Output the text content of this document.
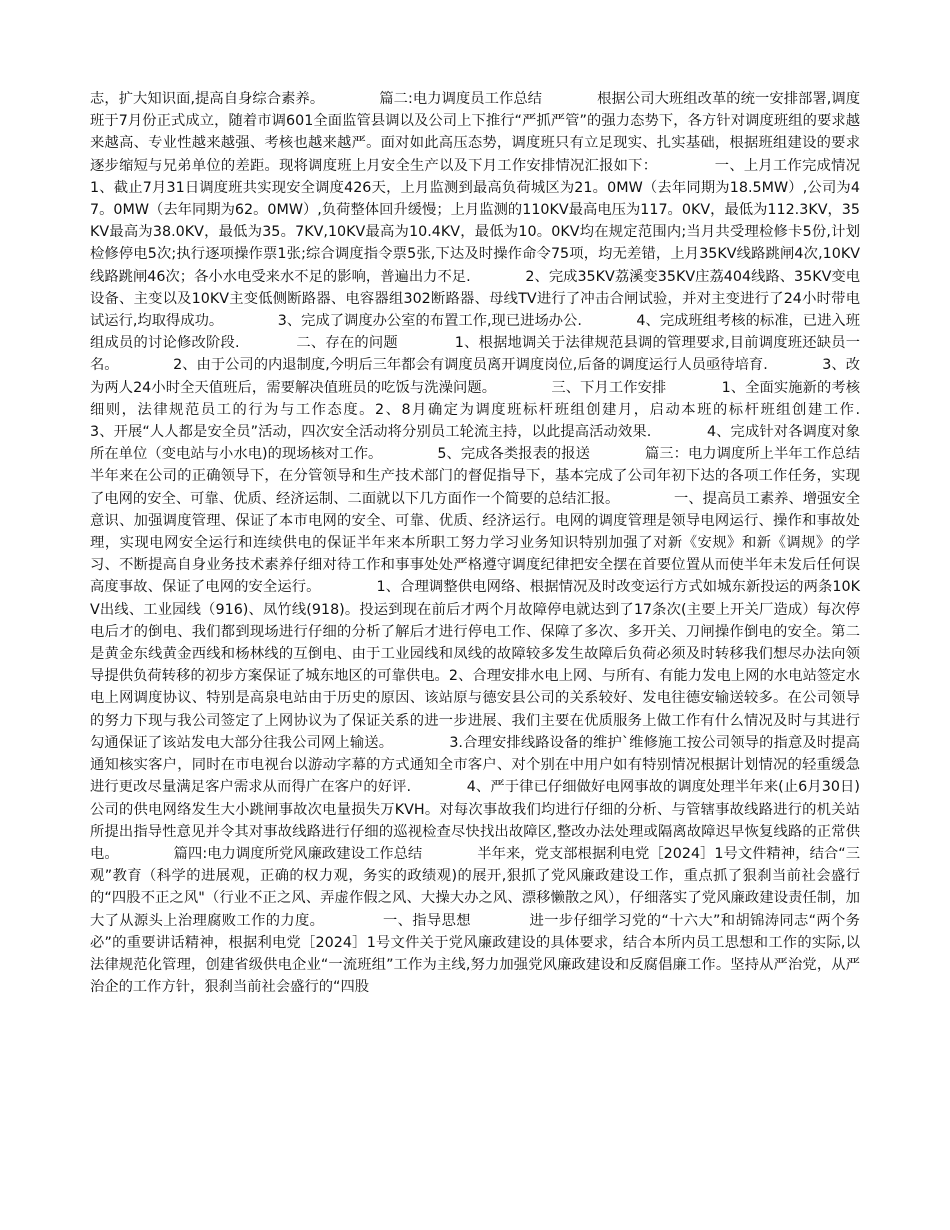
志，扩大知识面,提高自身综合素养。            篇二:电力调度员工作总结            根据公司大班组改革的统一安排部署,调度班于7月份正式成立，随着市调601全面监管县调以及公司上下推行“严抓严管”的强力态势下，各方针对调度班组的要求越来越高、专业性越来越强、考核也越来越严。面对如此高压态势，调度班只有立足现实、扎实基础，根据班组建设的要求逐步缩短与兄弟单位的差距。现将调度班上月安全生产以及下月工作安排情况汇报如下：            一、上月工作完成情况            1、截止7月31日调度班共实现安全调度426天，上月监测到最高负荷城区为21。0MW（去年同期为18.5MW）,公司为47。0MW（去年同期为62。0MW）,负荷整体回升缓慢；上月监测的110KV最高电压为117。0KV，最低为112.3KV，35KV最高为38.0KV，最低为35。7KV,10KV最高为10.4KV，最低为10。0KV均在规定范围内;当月共受理检修卡5份,计划检修停电5次;执行逐项操作票1张;综合调度指令票5张,下达及时操作命令75项，均无差错，上月35KV线路跳闸4次,10KV线路跳闸46次；各小水电受来水不足的影响，普遍出力不足.            2、完成35KV荔溪变35KV庄荔404线路、35KV变电设备、主变以及10KV主变低侧断路器、电容器组302断路器、母线TV进行了冲击合闸试验，并对主变进行了24小时带电试运行,均取得成功。            3、完成了调度办公室的布置工作,现已进场办公.            4、完成班组考核的标准，已进入班组成员的讨论修改阶段.            二、存在的问题            1、根据地调关于法律规范县调的管理要求,目前调度班还缺员一名。            2、由于公司的内退制度,今明后三年都会有调度员离开调度岗位,后备的调度运行人员亟待培育.            3、改为两人24小时全天值班后，需要解决值班员的吃饭与洗澡问题。            三、下月工作安排            1、全面实施新的考核细则，法律规范员工的行为与工作态度。2、8月确定为调度班标杆班组创建月，启动本班的标杆班组创建工作.            3、开展“人人都是安全员”活动，四次安全活动将分别员工轮流主持，以此提高活动效果.            4、完成针对各调度对象所在单位（变电站与小水电)的现场核对工作。            5、完成各类报表的报送            篇三：电力调度所上半年工作总结            半年来在公司的正确领导下，在分管领导和生产技术部门的督促指导下，基本完成了公司年初下达的各项工作任务，实现了电网的安全、可靠、优质、经济运制、二面就以下几方面作一个简要的总结汇报。            一、提高员工素养、增强安全意识、加强调度管理、保证了本市电网的安全、可靠、优质、经济运行。电网的调度管理是领导电网运行、操作和事故处理，实现电网安全运行和连续供电的保证半年来本所职工努力学习业务知识特别加强了对新《安规》和新《调规》的学习、不断提高自身业务技术素养仔细对待工作和事事处处严格遵守调度纪律把安全摆在首要位置从而使半年未发后任何误高度事故、保证了电网的安全运行。            1、合理调整供电网络、根据情况及时改变运行方式如城东新投运的两条10KV出线、工业园线（916)、凤竹线(918)。投运到现在前后才两个月故障停电就达到了17条次(主要上开关厂造成）每次停电后才的倒电、我们都到现场进行仔细的分析了解后才进行停电工作、保障了多次、多开关、刀闸操作倒电的安全。第二是黄金东线黄金西线和杨林线的互倒电、由于工业园线和凤线的故障较多发生故障后负荷必须及时转移我们想尽办法向领导提供负荷转移的初步方案保证了城东地区的可靠供电。2、合理安排水电上网、与所有、有能力发电上网的水电站签定水电上网调度协议、特别是高泉电站由于历史的原因、该站原与德安县公司的关系较好、发电往德安输送较多。在公司领导的努力下现与我公司签定了上网协议为了保证关系的进一步进展、我们主要在优质服务上做工作有什么情况及时与其进行勾通保证了该站发电大部分往我公司网上输送。            3.合理安排线路设备的维护`维修施工按公司领导的指意及时提高通知核实客户，同时在市电视台以游动字幕的方式通知全市客户、对个别在中用户如有特别情况根据计划情况的轻重缓急进行更改尽量满足客户需求从而得广在客户的好评.            4、严于律已仔细做好电网事故的调度处理半年来(止6月30日)公司的供电网络发生大小跳闸事故次电量损失万KVH。对每次事故我们均进行仔细的分析、与管辖事故线路进行的机关站所提出指导性意见并令其对事故线路进行仔细的巡视检查尽快找出故障区,整改办法处理或隔离故障迟早恢复线路的正常供电。            篇四:电力调度所党风廉政建设工作总结            半年来，党支部根据利电党［2024］1号文件精神，结合“三观”教育（科学的进展观，正确的权力观，务实的政绩观)的展开,狠抓了党风廉政建设工作，重点抓了狠刹当前社会盛行的“四股不正之风"（行业不正之风、弄虚作假之风、大操大办之风、漂移懒散之风），仔细落实了党风廉政建设责任制，加大了从源头上治理腐败工作的力度。            一、指导思想            进一步仔细学习党的“十六大”和胡锦涛同志“两个务必”的重要讲话精神，根据利电党［2024］1号文件关于党风廉政建设的具体要求，结合本所内员工思想和工作的实际,以法律规范化管理，创建省级供电企业“一流班组”工作为主线,努力加强党风廉政建设和反腐倡廉工作。坚持从严治党，从严治企的工作方针，狠刹当前社会盛行的“四股
